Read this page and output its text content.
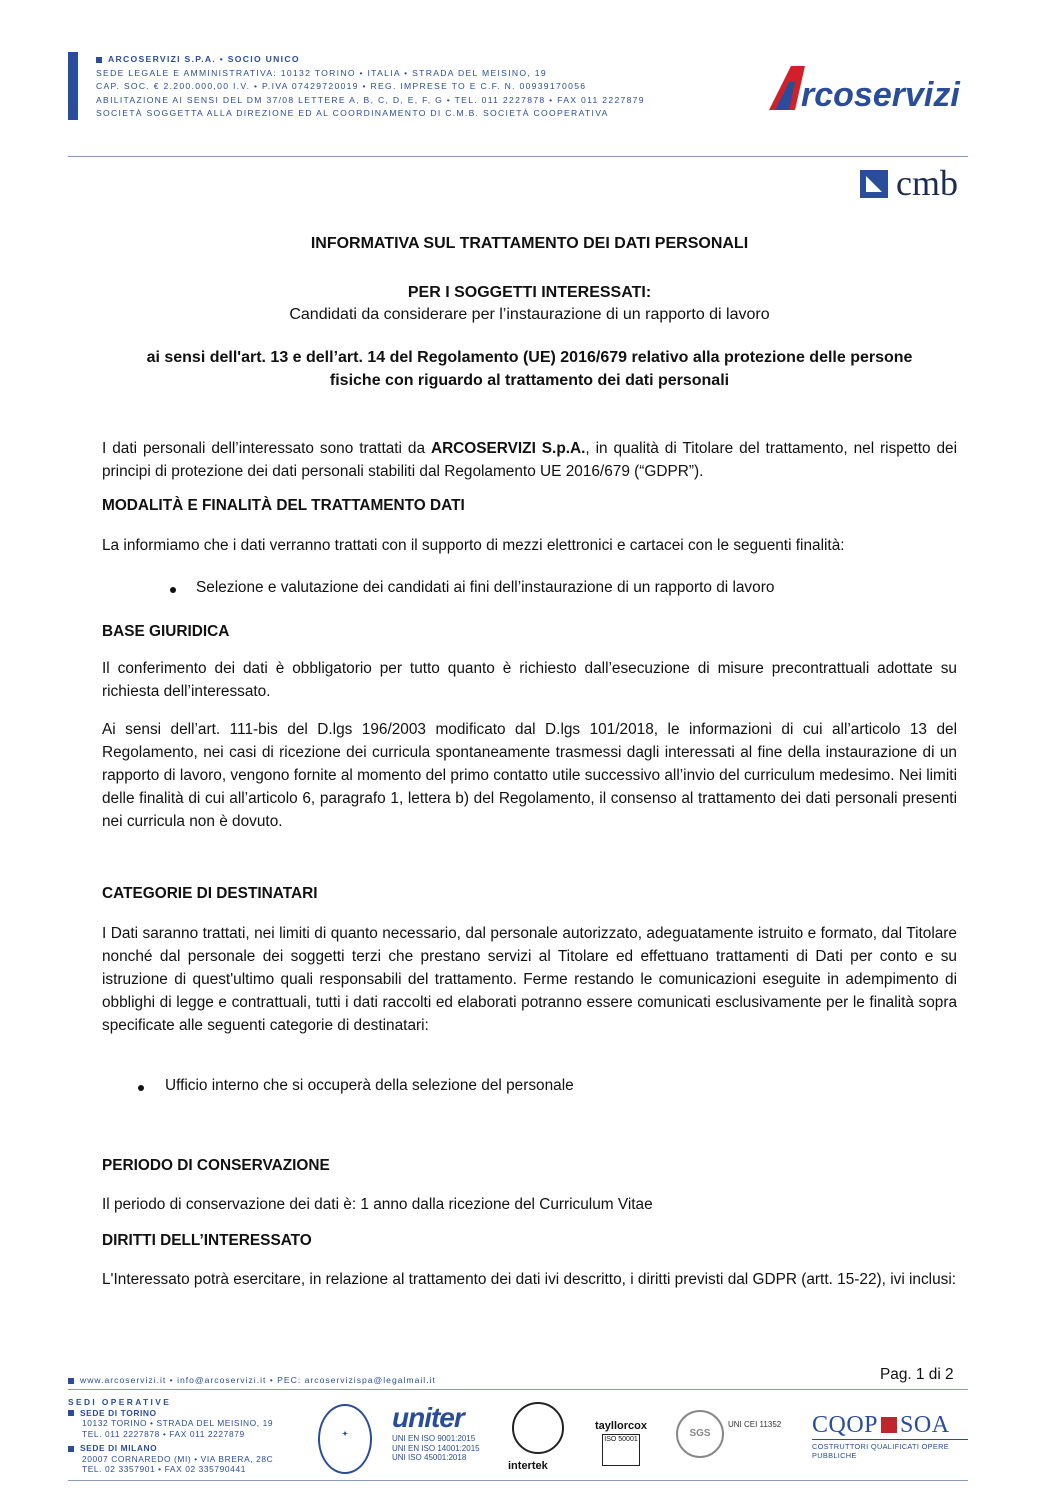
ARCOSERVIZI S.P.A. • SOCIO UNICO
SEDE LEGALE E AMMINISTRATIVA: 10132 TORINO • ITALIA • STRADA DEL MEISINO, 19
CAP. SOC. € 2.200.000,00 I.V. • P.IVA 07429720019 • REG. IMPRESE TO E C.F. N. 00939170056
ABILITAZIONE AI SENSI DEL DM 37/08 LETTERE A, B, C, D, E, F, G • TEL. 011 2227878 • FAX 011 2227879
SOCIETÀ SOGGETTA ALLA DIREZIONE ED AL COORDINAMENTO DI C.M.B. SOCIETÀ COOPERATIVA	rcoservizi
cmb
INFORMATIVA SUL TRATTAMENTO DEI DATI PERSONALI
PER I SOGGETTI INTERESSATI:
Candidati da considerare per l’instaurazione di un rapporto di lavoro
ai sensi dell'art. 13 e dell’art. 14 del Regolamento (UE) 2016/679 relativo alla protezione delle persone
fisiche con riguardo al trattamento dei dati personali
I dati personali dell’interessato sono trattati da ARCOSERVIZI S.p.A., in qualità di Titolare del trattamento, nel rispetto dei principi di protezione dei dati personali stabiliti dal Regolamento UE 2016/679 (“GDPR”).
MODALITÀ E FINALITÀ DEL TRATTAMENTO DATI
La informiamo che i dati verranno trattati con il supporto di mezzi elettronici e cartacei con le seguenti finalità:
Selezione e valutazione dei candidati ai fini dell’instaurazione di un rapporto di lavoro
BASE GIURIDICA
Il conferimento dei dati è obbligatorio per tutto quanto è richiesto dall’esecuzione di misure precontrattuali adottate su richiesta dell’interessato.
Ai sensi dell’art. 111-bis del D.lgs 196/2003 modificato dal D.lgs 101/2018, le informazioni di cui all’articolo 13 del Regolamento, nei casi di ricezione dei curricula spontaneamente trasmessi dagli interessati al fine della instaurazione di un rapporto di lavoro, vengono fornite al momento del primo contatto utile successivo all’invio del curriculum medesimo. Nei limiti delle finalità di cui all’articolo 6, paragrafo 1, lettera b) del Regolamento, il consenso al trattamento dei dati personali presenti nei curricula non è dovuto.
CATEGORIE DI DESTINATARI
I Dati saranno trattati, nei limiti di quanto necessario, dal personale autorizzato, adeguatamente istruito e formato, dal Titolare nonché dal personale dei soggetti terzi che prestano servizi al Titolare ed effettuano trattamenti di Dati per conto e su istruzione di quest'ultimo quali responsabili del trattamento. Ferme restando le comunicazioni eseguite in adempimento di obblighi di legge e contrattuali, tutti i dati raccolti ed elaborati potranno essere comunicati esclusivamente per le finalità sopra specificate alle seguenti categorie di destinatari:
Ufficio interno che si occuperà della selezione del personale
PERIODO DI CONSERVAZIONE
Il periodo di conservazione dei dati è: 1 anno dalla ricezione del Curriculum Vitae
DIRITTI DELL’INTERESSATO
L'Interessato potrà esercitare, in relazione al trattamento dei dati ivi descritto, i diritti previsti dal GDPR (artt. 15-22), ivi inclusi:
Pag. 1 di 2
www.arcoservizi.it • info@arcoservizi.it • PEC: arcoservizispa@legalmail.it
SEDI OPERATIVE
SEDE DI TORINO
10132 TORINO • STRADA DEL MEISINO, 19
TEL. 011 2227878 • FAX 011 2227879
SEDE DI MILANO
20007 CORNAREDO (MI) • VIA BRERA, 28C
TEL. 02 3357901 • FAX 02 335790441
✦
uniter
UNI EN ISO 9001:2015
UNI EN ISO 14001:2015
UNI ISO 45001:2018
intertek
tayllorcox
ISO 50001
SGS
UNI CEI 11352 CQOP SOA
COSTRUTTORI QUALIFICATI OPERE PUBBLICHE
